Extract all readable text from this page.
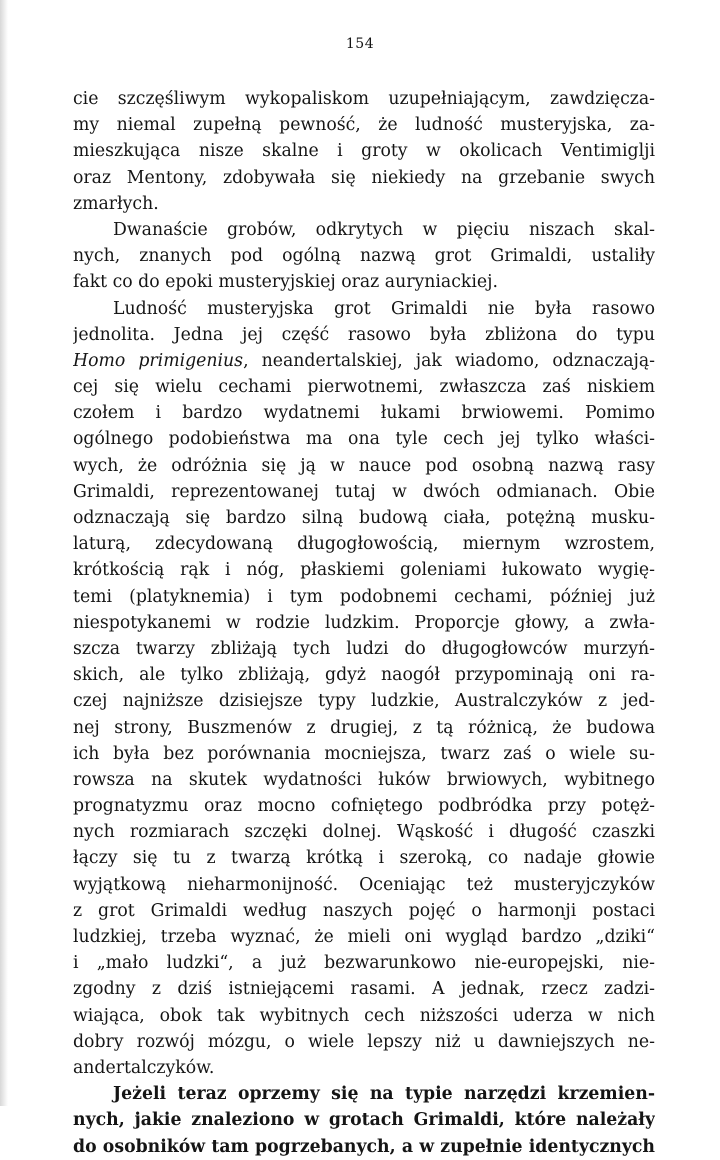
154
cie szczęśliwym wykopaliskom uzupełniającym, zawdzięcza-
my niemal zupełną pewność, że ludność musteryjska, za-
mieszkująca nisze skalne i groty w okolicach Ventimiglji
oraz Mentony, zdobywała się niekiedy na grzebanie swych
zmarłych.
Dwanaście grobów, odkrytych w pięciu niszach skal-
nych, znanych pod ogólną nazwą grot Grimaldi, ustaliły
fakt co do epoki musteryjskiej oraz auryniackiej.
Ludność musteryjska grot Grimaldi nie była rasowo
jednolita. Jedna jej część rasowo była zbliżona do typu
Homo primigenius, neandertalskiej, jak wiadomo, odznaczają-
cej się wielu cechami pierwotnemi, zwłaszcza zaś niskiem
czołem i bardzo wydatnemi łukami brwiowemi. Pomimo
ogólnego podobieństwa ma ona tyle cech jej tylko właści-
wych, że odróżnia się ją w nauce pod osobną nazwą rasy
Grimaldi, reprezentowanej tutaj w dwóch odmianach. Obie
odznaczają się bardzo silną budową ciała, potężną musku-
laturą, zdecydowaną długogłowością, miernym wzrostem,
krótkością rąk i nóg, płaskiemi goleniami łukowato wygię-
temi (platyknemia) i tym podobnemi cechami, później już
niespotykanemi w rodzie ludzkim. Proporcje głowy, a zwła-
szcza twarzy zbliżają tych ludzi do długogłowców murzyń-
skich, ale tylko zbliżają, gdyż naogół przypominają oni ra-
czej najniższe dzisiejsze typy ludzkie, Australczyków z jed-
nej strony, Buszmenów z drugiej, z tą różnicą, że budowa
ich była bez porównania mocniejsza, twarz zaś o wiele su-
rowsza na skutek wydatności łuków brwiowych, wybitnego
prognatyzmu oraz mocno cofniętego podbródka przy potęż-
nych rozmiarach szczęki dolnej. Wąskość i długość czaszki
łączy się tu z twarzą krótką i szeroką, co nadaje głowie
wyjątkową nieharmonijność. Oceniając też musteryjczyków
z grot Grimaldi według naszych pojęć o harmonji postaci
ludzkiej, trzeba wyznać, że mieli oni wygląd bardzo „dziki“
i „mało ludzki“, a już bezwarunkowo nie-europejski, nie-
zgodny z dziś istniejącemi rasami. A jednak, rzecz zadzi-
wiająca, obok tak wybitnych cech niższości uderza w nich
dobry rozwój mózgu, o wiele lepszy niż u dawniejszych ne-
andertalczyków.
Jeżeli teraz oprzemy się na typie narzędzi krzemien-
nych, jakie znaleziono w grotach Grimaldi, które należały
do osobników tam pogrzebanych, a w zupełnie identycznych
